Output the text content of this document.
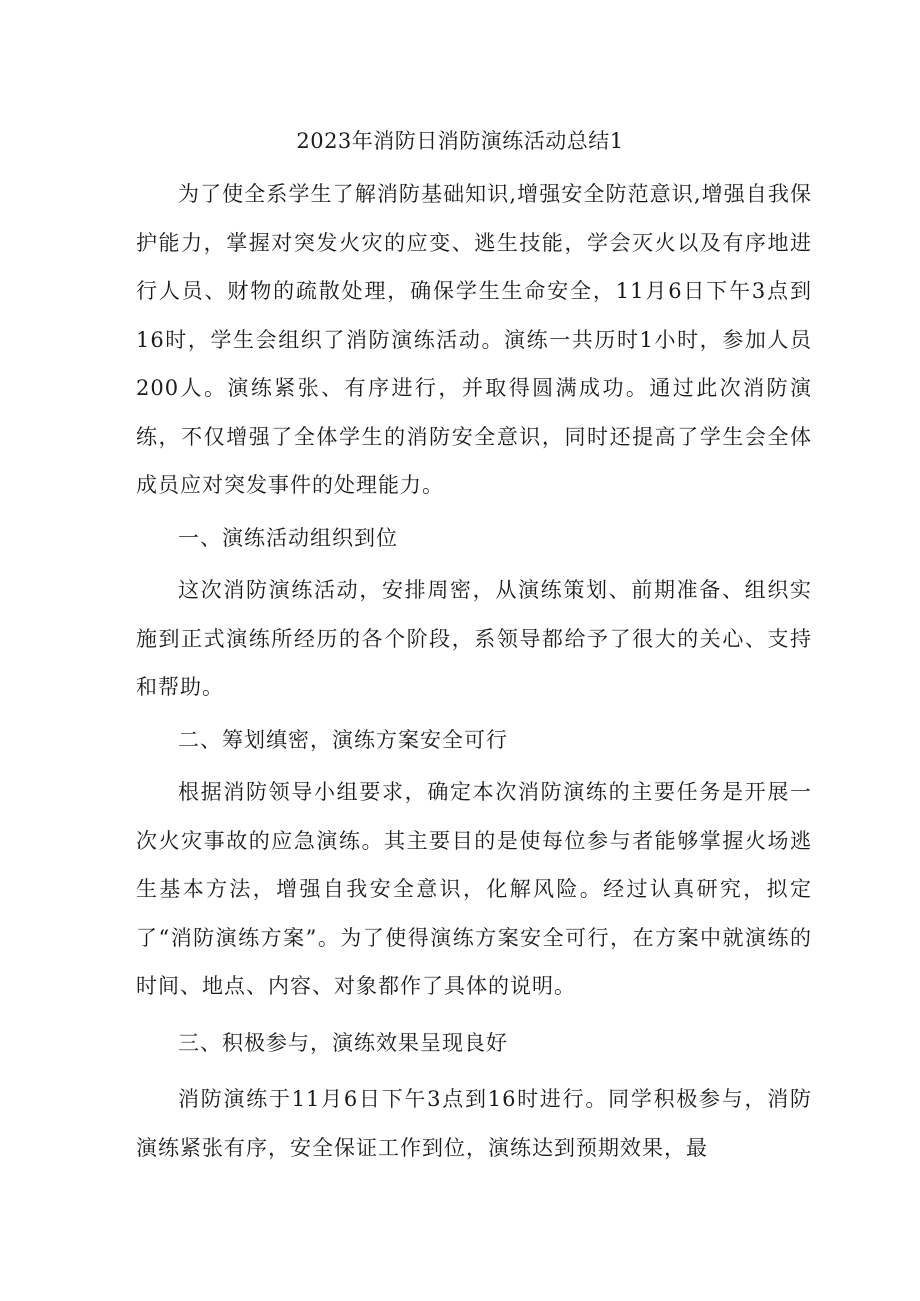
2023年消防日消防演练活动总结1

为了使全系学生了解消防基础知识,增强安全防范意识,增强自我保护能力，掌握对突发火灾的应变、逃生技能，学会灭火以及有序地进行人员、财物的疏散处理，确保学生生命安全，11月6日下午3点到16时，学生会组织了消防演练活动。演练一共历时1小时，参加人员200人。演练紧张、有序进行，并取得圆满成功。通过此次消防演练，不仅增强了全体学生的消防安全意识，同时还提高了学生会全体成员应对突发事件的处理能力。

一、演练活动组织到位

这次消防演练活动，安排周密，从演练策划、前期准备、组织实施到正式演练所经历的各个阶段，系领导都给予了很大的关心、支持和帮助。

二、筹划缜密，演练方案安全可行

根据消防领导小组要求，确定本次消防演练的主要任务是开展一次火灾事故的应急演练。其主要目的是使每位参与者能够掌握火场逃生基本方法，增强自我安全意识，化解风险。经过认真研究，拟定了“消防演练方案”。为了使得演练方案安全可行，在方案中就演练的时间、地点、内容、对象都作了具体的说明。

三、积极参与，演练效果呈现良好

消防演练于11月6日下午3点到16时进行。同学积极参与，消防演练紧张有序，安全保证工作到位，演练达到预期效果，最
